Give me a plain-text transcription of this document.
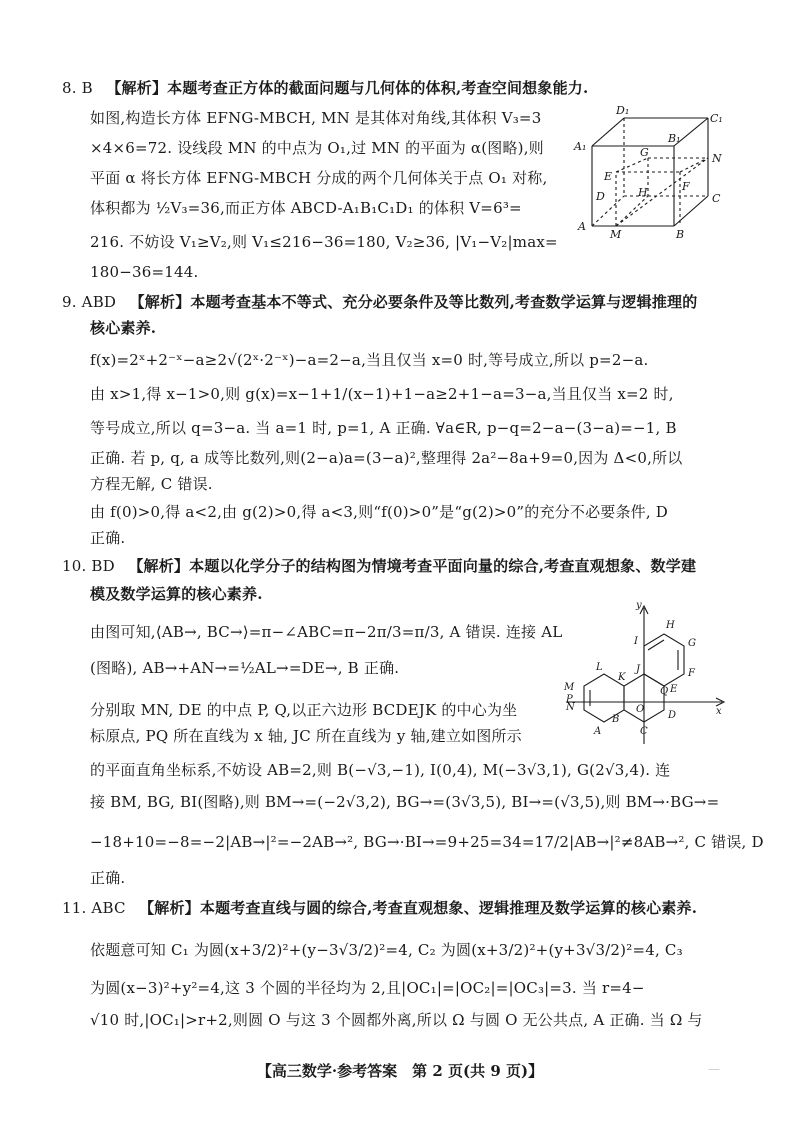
8. B 【解析】本题考查正方体的截面问题与几何体的体积,考查空间想象能力.
如图,构造长方体 EFNG-MBCH, MN 是其体对角线,其体积 V₃=3
×4×6=72. 设线段 MN 的中点为 O₁,过 MN 的平面为 α(图略),则
平面 α 将长方体 EFNG-MBCH 分成的两个几何体关于点 O₁ 对称,
体积都为 ½V₃=36,而正方体 ABCD-A₁B₁C₁D₁ 的体积 V=6³=
216. 不妨设 V₁≥V₂,则 V₁≤216−36=180, V₂≥36, |V₁−V₂|max=
180−36=144.
D₁
C₁
B₁
A₁	G	N
E
H	F
D	C
A
M	B
9. ABD 【解析】本题考查基本不等式、充分必要条件及等比数列,考查数学运算与逻辑推理的
核心素养.
f(x)=2ˣ+2⁻ˣ−a≥2√(2ˣ·2⁻ˣ)−a=2−a,当且仅当 x=0 时,等号成立,所以 p=2−a.
由 x>1,得 x−1>0,则 g(x)=x−1+1/(x−1)+1−a≥2+1−a=3−a,当且仅当 x=2 时,
等号成立,所以 q=3−a. 当 a=1 时, p=1, A 正确. ∀a∈R, p−q=2−a−(3−a)=−1, B
正确. 若 p, q, a 成等比数列,则(2−a)a=(3−a)²,整理得 2a²−8a+9=0,因为 Δ<0,所以
方程无解, C 错误.
由 f(0)>0,得 a<2,由 g(2)>0,得 a<3,则“f(0)>0”是“g(2)>0”的充分不必要条件, D
正确.
10. BD 【解析】本题以化学分子的结构图为情境考查平面向量的综合,考查直观想象、数学建
模及数学运算的核心素养.
由图可知,⟨AB→, BC→⟩=π−∠ABC=π−2π/3=π/3, A 错误. 连接 AL
(图略), AB→+AN→=½AL→=DE→, B 正确.
分别取 MN, DE 的中点 P, Q,以正六边形 BCDEJK 的中心为坐
标原点, PQ 所在直线为 x 轴, JC 所在直线为 y 轴,建立如图所示
的平面直角坐标系,不妨设 AB=2,则 B(−√3,−1), I(0,4), M(−3√3,1), G(2√3,4). 连
接 BM, BG, BI(图略),则 BM→=(−2√3,2), BG→=(3√3,5), BI→=(√3,5),则 BM→·BG→=
−18+10=−8=−2|AB→|²=−2AB→², BG→·BI→=9+25=34=17/2|AB→|²≠8AB→², C 错误, D
正确.
y
x
H
I	G
J	F
L
K
M
N
P
Q E
O
D
B
A	C
11. ABC 【解析】本题考查直线与圆的综合,考查直观想象、逻辑推理及数学运算的核心素养.
依题意可知 C₁ 为圆(x+3/2)²+(y−3√3/2)²=4, C₂ 为圆(x+3/2)²+(y+3√3/2)²=4, C₃
为圆(x−3)²+y²=4,这 3 个圆的半径均为 2,且|OC₁|=|OC₂|=|OC₃|=3. 当 r=4−
√10 时,|OC₁|>r+2,则圆 O 与这 3 个圆都外离,所以 Ω 与圆 O 无公共点, A 正确. 当 Ω 与
【高三数学·参考答案　第 2 页(共 9 页)】	—
